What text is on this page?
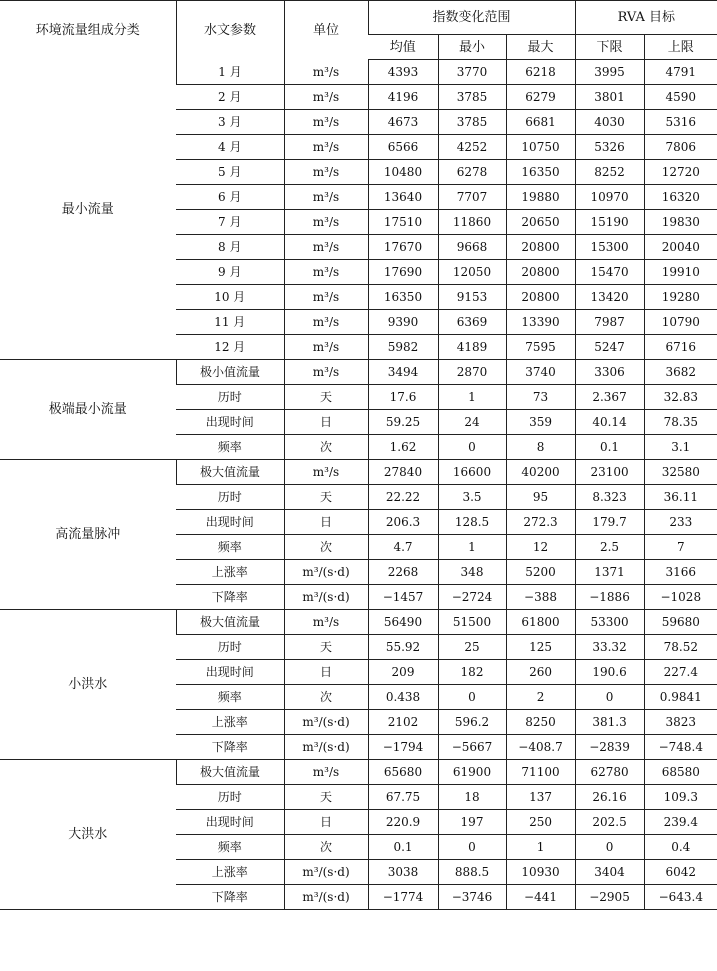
环境流量组成分类	水文参数	单位	指数变化范围			RVA 目标	
			均值	最小	最大	下限	上限
最小流量	1 月	m³/s	4393	3770	6218	3995	4791
	2 月	m³/s	4196	3785	6279	3801	4590
	3 月	m³/s	4673	3785	6681	4030	5316
	4 月	m³/s	6566	4252	10750	5326	7806
	5 月	m³/s	10480	6278	16350	8252	12720
	6 月	m³/s	13640	7707	19880	10970	16320
	7 月	m³/s	17510	11860	20650	15190	19830
	8 月	m³/s	17670	9668	20800	15300	20040
	9 月	m³/s	17690	12050	20800	15470	19910
	10 月	m³/s	16350	9153	20800	13420	19280
	11 月	m³/s	9390	6369	13390	7987	10790
	12 月	m³/s	5982	4189	7595	5247	6716
极端最小流量	极小值流量	m³/s	3494	2870	3740	3306	3682
	历时	天	17.6	1	73	2.367	32.83
	出现时间	日	59.25	24	359	40.14	78.35
	频率	次	1.62	0	8	0.1	3.1
高流量脉冲	极大值流量	m³/s	27840	16600	40200	23100	32580
	历时	天	22.22	3.5	95	8.323	36.11
	出现时间	日	206.3	128.5	272.3	179.7	233
	频率	次	4.7	1	12	2.5	7
	上涨率	m³/(s·d)	2268	348	5200	1371	3166
	下降率	m³/(s·d)	−1457	−2724	−388	−1886	−1028
小洪水	极大值流量	m³/s	56490	51500	61800	53300	59680
	历时	天	55.92	25	125	33.32	78.52
	出现时间	日	209	182	260	190.6	227.4
	频率	次	0.438	0	2	0	0.9841
	上涨率	m³/(s·d)	2102	596.2	8250	381.3	3823
	下降率	m³/(s·d)	−1794	−5667	−408.7	−2839	−748.4
大洪水	极大值流量	m³/s	65680	61900	71100	62780	68580
	历时	天	67.75	18	137	26.16	109.3
	出现时间	日	220.9	197	250	202.5	239.4
	频率	次	0.1	0	1	0	0.4
	上涨率	m³/(s·d)	3038	888.5	10930	3404	6042
	下降率	m³/(s·d)	−1774	−3746	−441	−2905	−643.4
